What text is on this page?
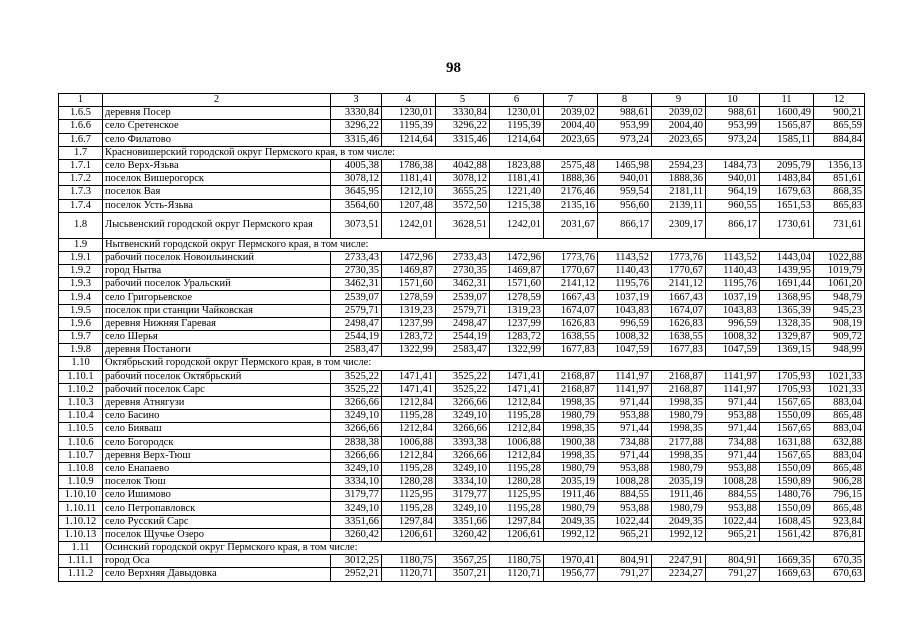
98
1	2	3	4	5	6	7	8	9	10	11	12
1.6.5	деревня Посер	3330,84	1230,01	3330,84	1230,01	2039,02	988,61	2039,02	988,61	1600,49	900,21
1.6.6	село Сретенское	3296,22	1195,39	3296,22	1195,39	2004,40	953,99	2004,40	953,99	1565,87	865,59
1.6.7	село Филатово	3315,46	1214,64	3315,46	1214,64	2023,65	973,24	2023,65	973,24	1585,11	884,84
1.7	Красновишерский городской округ Пермского края, в том числе:										
1.7.1	село Верх-Язьва	4005,38	1786,38	4042,88	1823,88	2575,48	1465,98	2594,23	1484,73	2095,79	1356,13
1.7.2	поселок Вишерогорск	3078,12	1181,41	3078,12	1181,41	1888,36	940,01	1888,36	940,01	1483,84	851,61
1.7.3	поселок Вая	3645,95	1212,10	3655,25	1221,40	2176,46	959,54	2181,11	964,19	1679,63	868,35
1.7.4	поселок Усть-Язьва	3564,60	1207,48	3572,50	1215,38	2135,16	956,60	2139,11	960,55	1651,53	865,83
1.8	Лысьвенский городской округ Пермского края	3073,51	1242,01	3628,51	1242,01	2031,67	866,17	2309,17	866,17	1730,61	731,61
1.9	Нытвенский городской округ Пермского края, в том числе:										
1.9.1	рабочий поселок Новоильинский	2733,43	1472,96	2733,43	1472,96	1773,76	1143,52	1773,76	1143,52	1443,04	1022,88
1.9.2	город Нытва	2730,35	1469,87	2730,35	1469,87	1770,67	1140,43	1770,67	1140,43	1439,95	1019,79
1.9.3	рабочий поселок Уральский	3462,31	1571,60	3462,31	1571,60	2141,12	1195,76	2141,12	1195,76	1691,44	1061,20
1.9.4	село Григорьевское	2539,07	1278,59	2539,07	1278,59	1667,43	1037,19	1667,43	1037,19	1368,95	948,79
1.9.5	поселок при станции Чайковская	2579,71	1319,23	2579,71	1319,23	1674,07	1043,83	1674,07	1043,83	1365,39	945,23
1.9.6	деревня Нижняя Гаревая	2498,47	1237,99	2498,47	1237,99	1626,83	996,59	1626,83	996,59	1328,35	908,19
1.9.7	село Шерья	2544,19	1283,72	2544,19	1283,72	1638,55	1008,32	1638,55	1008,32	1329,87	909,72
1.9.8	деревня Постаноги	2583,47	1322,99	2583,47	1322,99	1677,83	1047,59	1677,83	1047,59	1369,15	948,99
1.10	Октябрьский городской округ Пермского края, в том числе:										
1.10.1	рабочий поселок Октябрьский	3525,22	1471,41	3525,22	1471,41	2168,87	1141,97	2168,87	1141,97	1705,93	1021,33
1.10.2	рабочий поселок Сарс	3525,22	1471,41	3525,22	1471,41	2168,87	1141,97	2168,87	1141,97	1705,93	1021,33
1.10.3	деревня Атнягузи	3266,66	1212,84	3266,66	1212,84	1998,35	971,44	1998,35	971,44	1567,65	883,04
1.10.4	село Басино	3249,10	1195,28	3249,10	1195,28	1980,79	953,88	1980,79	953,88	1550,09	865,48
1.10.5	село Бияваш	3266,66	1212,84	3266,66	1212,84	1998,35	971,44	1998,35	971,44	1567,65	883,04
1.10.6	село Богородск	2838,38	1006,88	3393,38	1006,88	1900,38	734,88	2177,88	734,88	1631,88	632,88
1.10.7	деревня Верх-Тюш	3266,66	1212,84	3266,66	1212,84	1998,35	971,44	1998,35	971,44	1567,65	883,04
1.10.8	село Енапаево	3249,10	1195,28	3249,10	1195,28	1980,79	953,88	1980,79	953,88	1550,09	865,48
1.10.9	поселок Тюш	3334,10	1280,28	3334,10	1280,28	2035,19	1008,28	2035,19	1008,28	1590,89	906,28
1.10.10	село Ишимово	3179,77	1125,95	3179,77	1125,95	1911,46	884,55	1911,46	884,55	1480,76	796,15
1.10.11	село Петропавловск	3249,10	1195,28	3249,10	1195,28	1980,79	953,88	1980,79	953,88	1550,09	865,48
1.10.12	село Русский Сарс	3351,66	1297,84	3351,66	1297,84	2049,35	1022,44	2049,35	1022,44	1608,45	923,84
1.10.13	поселок Щучье Озеро	3260,42	1206,61	3260,42	1206,61	1992,12	965,21	1992,12	965,21	1561,42	876,81
1.11	Осинский городской округ Пермского края, в том числе:										
1.11.1	город Оса	3012,25	1180,75	3567,25	1180,75	1970,41	804,91	2247,91	804,91	1669,35	670,35
1.11.2	село Верхняя Давыдовка	2952,21	1120,71	3507,21	1120,71	1956,77	791,27	2234,27	791,27	1669,63	670,63
